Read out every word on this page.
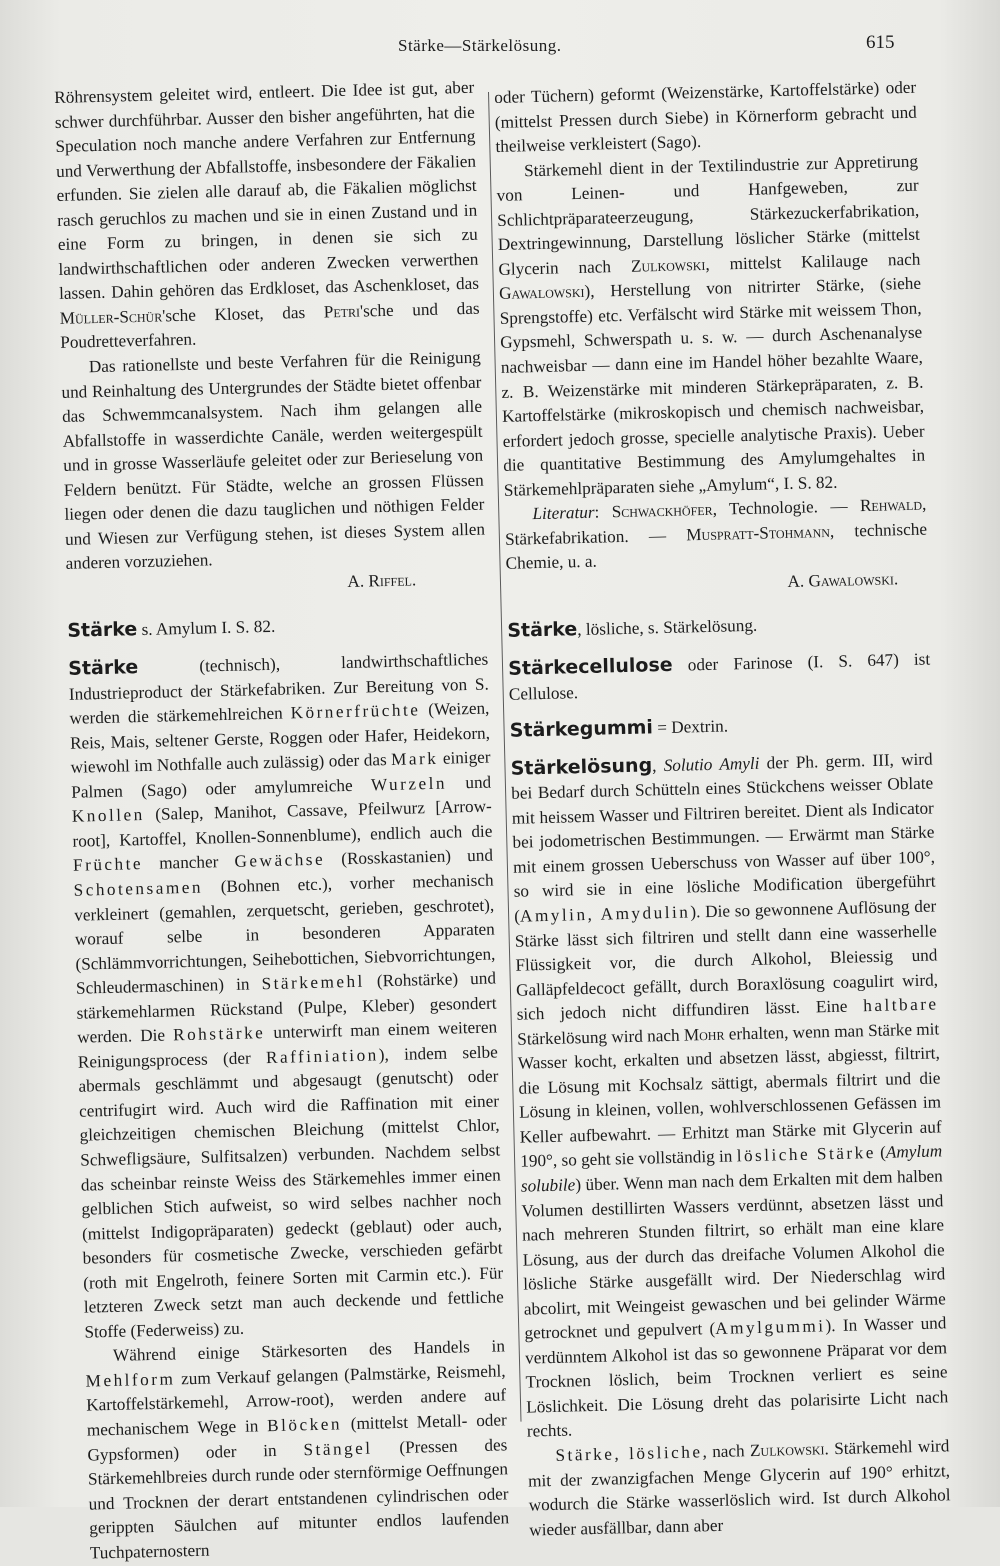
Stärke—Stärkelösung.	615

Röhrensystem geleitet wird, entleert. Die Idee ist gut, aber schwer durchführbar. Ausser den bisher angeführten, hat die Speculation noch manche andere Verfahren zur Entfernung und Verwerthung der Abfallstoffe, insbesondere der Fäkalien erfunden. Sie zielen alle darauf ab, die Fäkalien möglichst rasch geruchlos zu machen und sie in einen Zustand und in eine Form zu bringen, in denen sie sich zu landwirthschaftlichen oder anderen Zwecken verwerthen lassen. Dahin gehören das Erdkloset, das Aschenkloset, das Müller-Schür'sche Kloset, das Petri'sche und das Poudretteverfahren.

Das rationellste und beste Verfahren für die Reinigung und Reinhaltung des Untergrundes der Städte bietet offenbar das Schwemmcanalsystem. Nach ihm gelangen alle Abfallstoffe in wasserdichte Canäle, werden weitergespült und in grosse Wasserläufe geleitet oder zur Berieselung von Feldern benützt. Für Städte, welche an grossen Flüssen liegen oder denen die dazu tauglichen und nöthigen Felder und Wiesen zur Verfügung stehen, ist dieses System allen anderen vorzuziehen.

A. Riffel.

Stärke s. Amylum I. S. 82.

Stärke (technisch), landwirthschaftliches Industrieproduct der Stärkefabriken. Zur Bereitung von S. werden die stärkemehlreichen Körnerfrüchte (Weizen, Reis, Mais, seltener Gerste, Roggen oder Hafer, Heidekorn, wiewohl im Nothfalle auch zulässig) oder das Mark einiger Palmen (Sago) oder amylumreiche Wurzeln und Knollen (Salep, Manihot, Cassave, Pfeilwurz [Arrow-root], Kartoffel, Knollen-Sonnenblume), endlich auch die Früchte mancher Gewächse (Rosskastanien) und Schotensamen (Bohnen etc.), vorher mechanisch verkleinert (gemahlen, zerquetscht, gerieben, geschrotet), worauf selbe in besonderen Apparaten (Schlämmvorrichtungen, Seihebottichen, Siebvorrichtungen, Schleudermaschinen) in Stärkemehl (Rohstärke) und stärkemehlarmen Rückstand (Pulpe, Kleber) gesondert werden. Die Rohstärke unterwirft man einem weiteren Reinigungsprocess (der Raffiniation), indem selbe abermals geschlämmt und abgesaugt (genutscht) oder centrifugirt wird. Auch wird die Raffination mit einer gleichzeitigen chemischen Bleichung (mittelst Chlor, Schwefligsäure, Sulfitsalzen) verbunden. Nachdem selbst das scheinbar reinste Weiss des Stärkemehles immer einen gelblichen Stich aufweist, so wird selbes nachher noch (mittelst Indigopräparaten) gedeckt (geblaut) oder auch, besonders für cosmetische Zwecke, verschieden gefärbt (roth mit Engelroth, feinere Sorten mit Carmin etc.). Für letzteren Zweck setzt man auch deckende und fettliche Stoffe (Federweiss) zu.

Während einige Stärkesorten des Handels in Mehlform zum Verkauf gelangen (Palmstärke, Reismehl, Kartoffelstärkemehl, Arrow-root), werden andere auf mechanischem Wege in Blöcken (mittelst Metall- oder Gypsformen) oder in Stängel (Pressen des Stärkemehlbreies durch runde oder sternförmige Oeffnungen und Trocknen der derart entstandenen cylindrischen oder gerippten Säulchen auf mitunter endlos laufenden Tuchpaternostern

oder Tüchern) geformt (Weizenstärke, Kartoffelstärke) oder (mittelst Pressen durch Siebe) in Körnerform gebracht und theilweise verkleistert (Sago).

Stärkemehl dient in der Textilindustrie zur Appretirung von Leinen- und Hanfgeweben, zur Schlichtpräparateerzeugung, Stärkezuckerfabrikation, Dextringewinnung, Darstellung löslicher Stärke (mittelst Glycerin nach Zulkowski, mittelst Kalilauge nach Gawalowski), Herstellung von nitrirter Stärke, (siehe Sprengstoffe) etc. Verfälscht wird Stärke mit weissem Thon, Gypsmehl, Schwerspath u. s. w. — durch Aschenanalyse nachweisbar — dann eine im Handel höher bezahlte Waare, z. B. Weizenstärke mit minderen Stärkepräparaten, z. B. Kartoffelstärke (mikroskopisch und chemisch nachweisbar, erfordert jedoch grosse, specielle analytische Praxis). Ueber die quantitative Bestimmung des Amylumgehaltes in Stärkemehlpräparaten siehe „Amylum“, I. S. 82.

Literatur: Schwackhöfer, Technologie. — Rehwald, Stärkefabrikation. — Muspratt-Stohmann, technische Chemie, u. a.

A. Gawalowski.

Stärke, lösliche, s. Stärkelösung.

Stärkecellulose oder Farinose (I. S. 647) ist Cellulose.

Stärkegummi = Dextrin.

Stärkelösung, Solutio Amyli der Ph. germ. III, wird bei Bedarf durch Schütteln eines Stückchens weisser Oblate mit heissem Wasser und Filtriren bereitet. Dient als Indicator bei jodometrischen Bestimmungen. — Erwärmt man Stärke mit einem grossen Ueberschuss von Wasser auf über 100°, so wird sie in eine lösliche Modification übergeführt (Amylin, Amydulin). Die so gewonnene Auflösung der Stärke lässt sich filtriren und stellt dann eine wasserhelle Flüssigkeit vor, die durch Alkohol, Bleiessig und Galläpfeldecoct gefällt, durch Boraxlösung coagulirt wird, sich jedoch nicht diffundiren lässt. Eine haltbare Stärkelösung wird nach Mohr erhalten, wenn man Stärke mit Wasser kocht, erkalten und absetzen lässt, abgiesst, filtrirt, die Lösung mit Kochsalz sättigt, abermals filtrirt und die Lösung in kleinen, vollen, wohlverschlossenen Gefässen im Keller aufbewahrt. — Erhitzt man Stärke mit Glycerin auf 190°, so geht sie vollständig in lösliche Stärke (Amylum solubile) über. Wenn man nach dem Erkalten mit dem halben Volumen destillirten Wassers verdünnt, absetzen lässt und nach mehreren Stunden filtrirt, so erhält man eine klare Lösung, aus der durch das dreifache Volumen Alkohol die lösliche Stärke ausgefällt wird. Der Niederschlag wird abcolirt, mit Weingeist gewaschen und bei gelinder Wärme getrocknet und gepulvert (Amylgummi). In Wasser und verdünntem Alkohol ist das so gewonnene Präparat vor dem Trocknen löslich, beim Trocknen verliert es seine Löslichkeit. Die Lösung dreht das polarisirte Licht nach rechts.

Stärke, lösliche, nach Zulkowski. Stärkemehl wird mit der zwanzigfachen Menge Glycerin auf 190° erhitzt, wodurch die Stärke wasserlöslich wird. Ist durch Alkohol wieder ausfällbar, dann aber
